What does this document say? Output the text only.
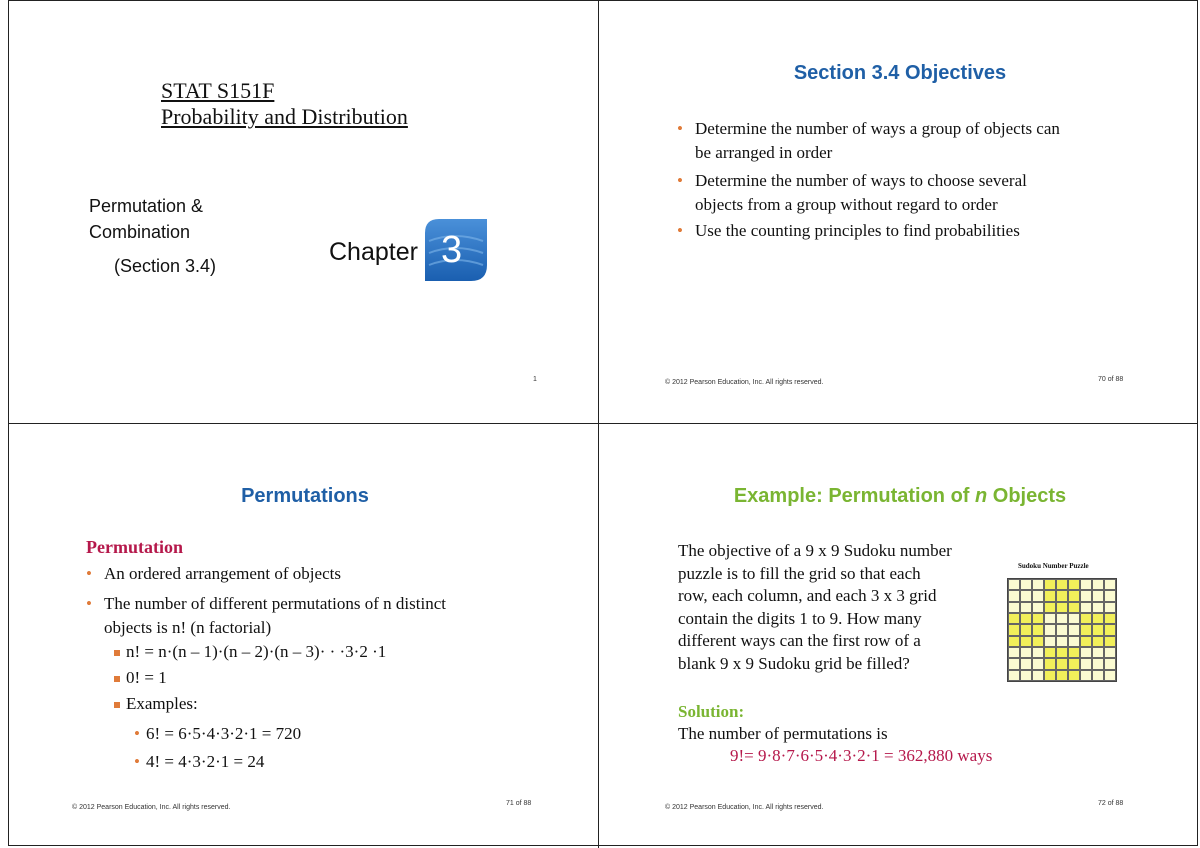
STAT S151F
Probability and Distribution
Permutation &
Combination
(Section 3.4)	Chapter 3
1
Section 3.4 Objectives
• Determine the number of ways a group of objects can
be arranged in order
• Determine the number of ways to choose several
objects from a group without regard to order
• Use the counting principles to find probabilities
© 2012 Pearson Education, Inc. All rights reserved.	70 of 88
Permutations
Permutation
• An ordered arrangement of objects
• The number of different permutations of n distinct
objects is n! (n factorial)
n! = n·(n – 1)·(n – 2)·(n – 3)· · ·3·2 ·1
0! = 1
Examples:
• 6! = 6·5·4·3·2·1 = 720
• 4! = 4·3·2·1 = 24
© 2012 Pearson Education, Inc. All rights reserved.
71 of 88
Example: Permutation of n Objects
The objective of a 9 x 9 Sudoku number
puzzle is to fill the grid so that each
row, each column, and each 3 x 3 grid
contain the digits 1 to 9. How many
different ways can the first row of a
blank 9 x 9 Sudoku grid be filled?
Sudoku Number Puzzle
Solution:
The number of permutations is
9!= 9·8·7·6·5·4·3·2·1 = 362,880 ways
© 2012 Pearson Education, Inc. All rights reserved.
72 of 88
